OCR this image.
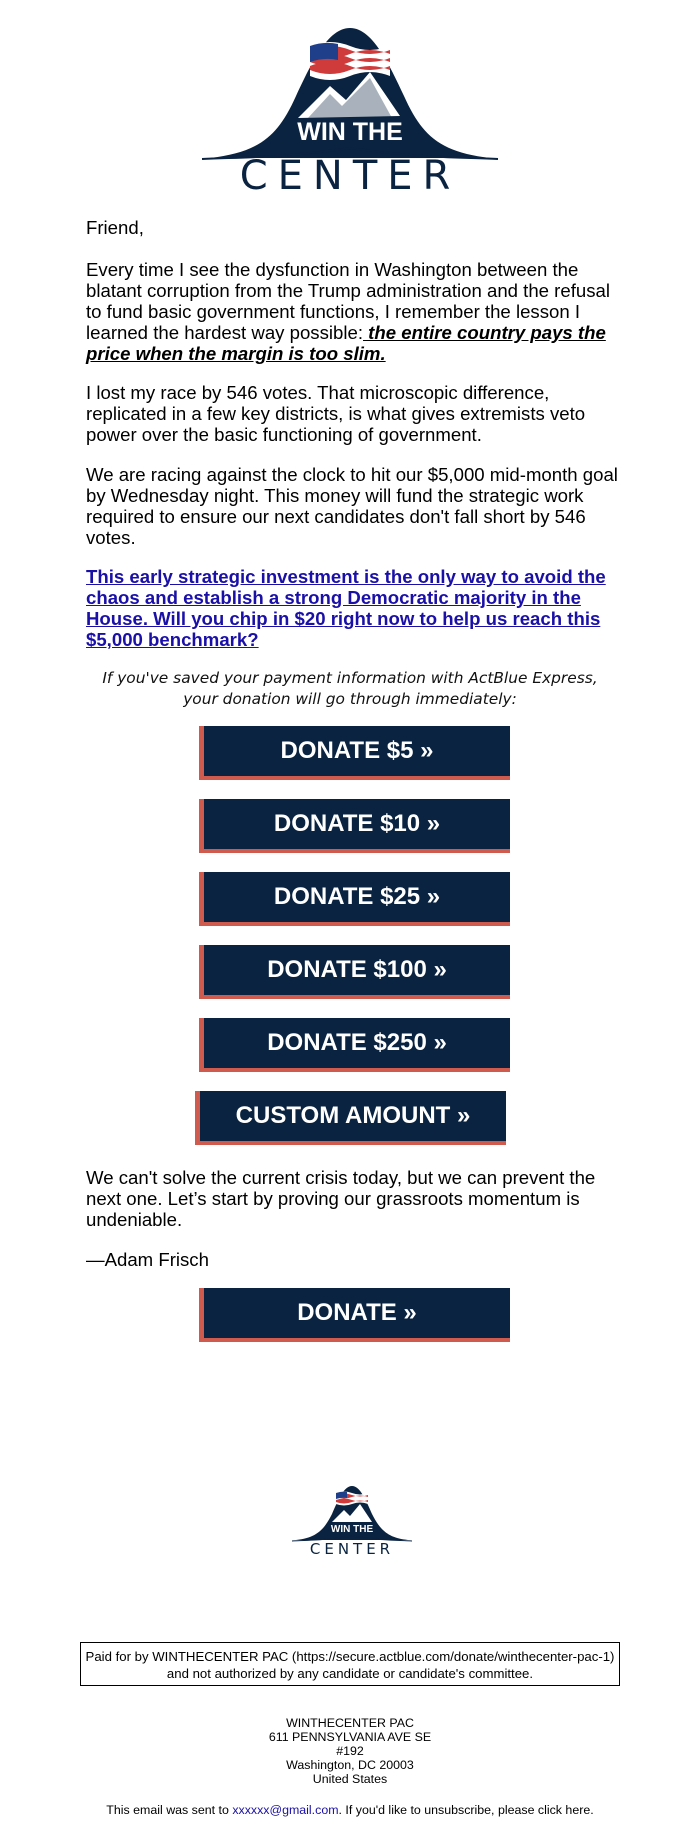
WIN THE
CENTER

Friend,

Every time I see the dysfunction in Washington between the blatant corruption from the Trump administration and the refusal to fund basic government functions, I remember the lesson I learned the hardest way possible: the entire country pays the price when the margin is too slim.

I lost my race by 546 votes. That microscopic difference, replicated in a few key districts, is what gives extremists veto power over the basic functioning of government.

We are racing against the clock to hit our $5,000 mid-month goal by Wednesday night. This money will fund the strategic work required to ensure our next candidates don't fall short by 546 votes.

This early strategic investment is the only way to avoid the chaos and establish a strong Democratic majority in the House. Will you chip in $20 right now to help us reach this $5,000 benchmark?

If you've saved your payment information with ActBlue Express, your donation will go through immediately:
DONATE $5 »
DONATE $10 »
DONATE $25 »
DONATE $100 »
DONATE $250 »
CUSTOM AMOUNT »

We can't solve the current crisis today, but we can prevent the next one. Let’s start by proving our grassroots momentum is undeniable.

—Adam Frisch

DONATE »
WIN THE
CENTER
Paid for by WINTHECENTER PAC (https://secure.actblue.com/donate/winthecenter-pac-1) and not authorized by any candidate or candidate's committee.
WINTHECENTER PAC
611 PENNSYLVANIA AVE SE
#192
Washington, DC 20003
United States
This email was sent to xxxxxx@gmail.com. If you'd like to unsubscribe, please click here.
